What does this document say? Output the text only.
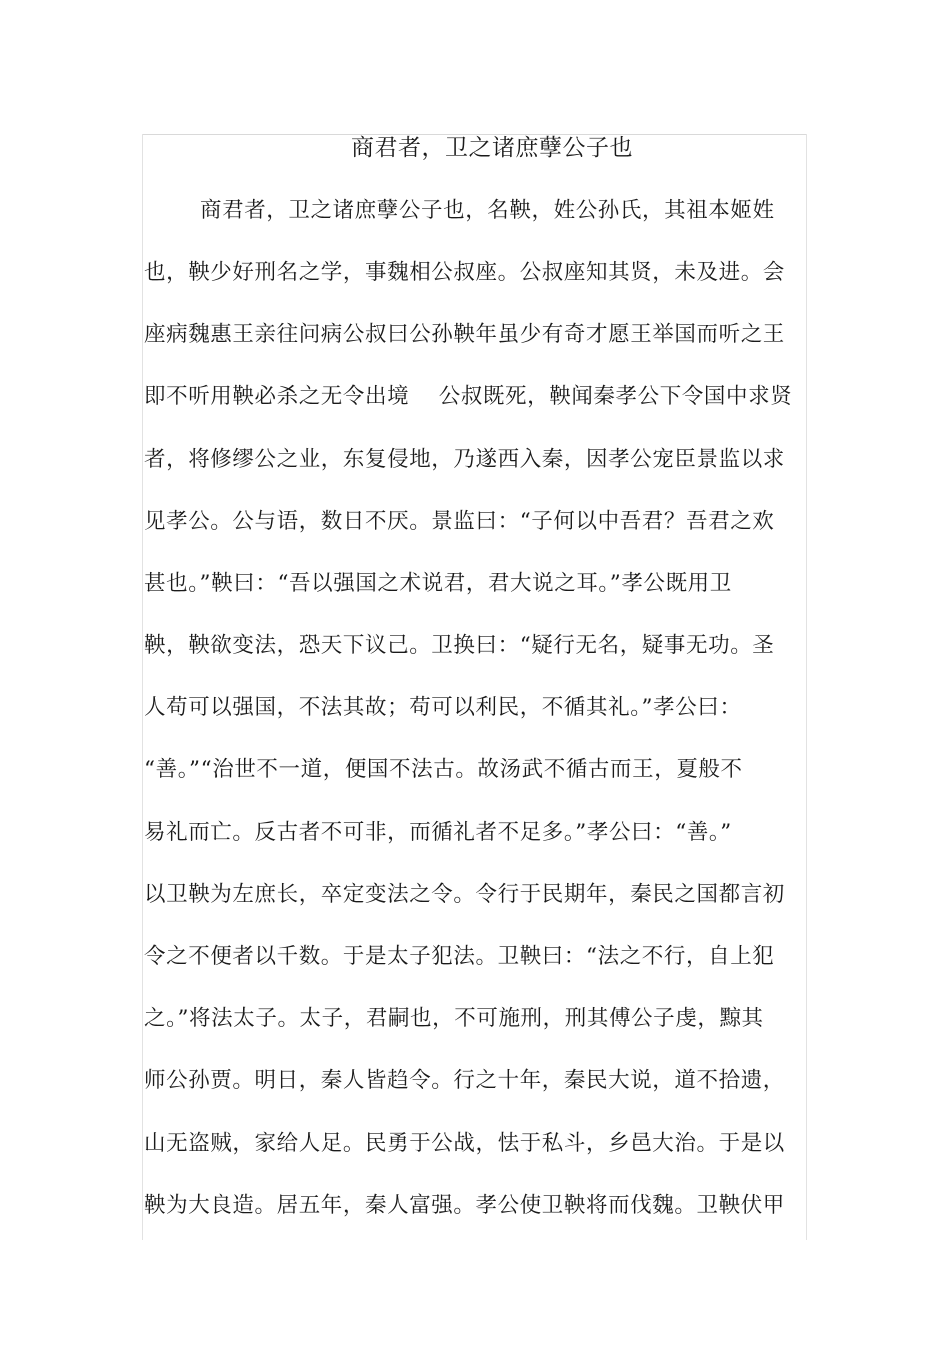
商君者，卫之诸庶孽公子也
商君者，卫之诸庶孽公子也，名鞅，姓公孙氏，其祖本姬姓
也，鞅少好刑名之学，事魏相公叔座。公叔座知其贤，未及进。会
座病魏惠王亲往问病公叔曰公孙鞅年虽少有奇才愿王举国而听之王
即不听用鞅必杀之无令出境　 公叔既死，鞅闻秦孝公下令国中求贤
者，将修缪公之业，东复侵地，乃遂西入秦，因孝公宠臣景监以求
见孝公。公与语，数日不厌。景监曰：“子何以中吾君？吾君之欢
甚也。”鞅曰：“吾以强国之术说君，君大说之耳。”孝公既用卫
鞅，鞅欲变法，恐天下议己。卫换曰：“疑行无名，疑事无功。圣
人苟可以强国，不法其故；苟可以利民，不循其礼。”孝公曰：
“善。”“治世不一道，便国不法古。故汤武不循古而王，夏般不
易礼而亡。反古者不可非，而循礼者不足多。”孝公曰：“善。”
以卫鞅为左庶长，卒定变法之令。令行于民期年，秦民之国都言初
令之不便者以千数。于是太子犯法。卫鞅曰：“法之不行，自上犯
之。”将法太子。太子，君嗣也，不可施刑，刑其傅公子虔，黥其
师公孙贾。明日，秦人皆趋令。行之十年，秦民大说，道不拾遗，
山无盗贼，家给人足。民勇于公战，怯于私斗，乡邑大治。于是以
鞅为大良造。居五年，秦人富强。孝公使卫鞅将而伐魏。卫鞅伏甲
